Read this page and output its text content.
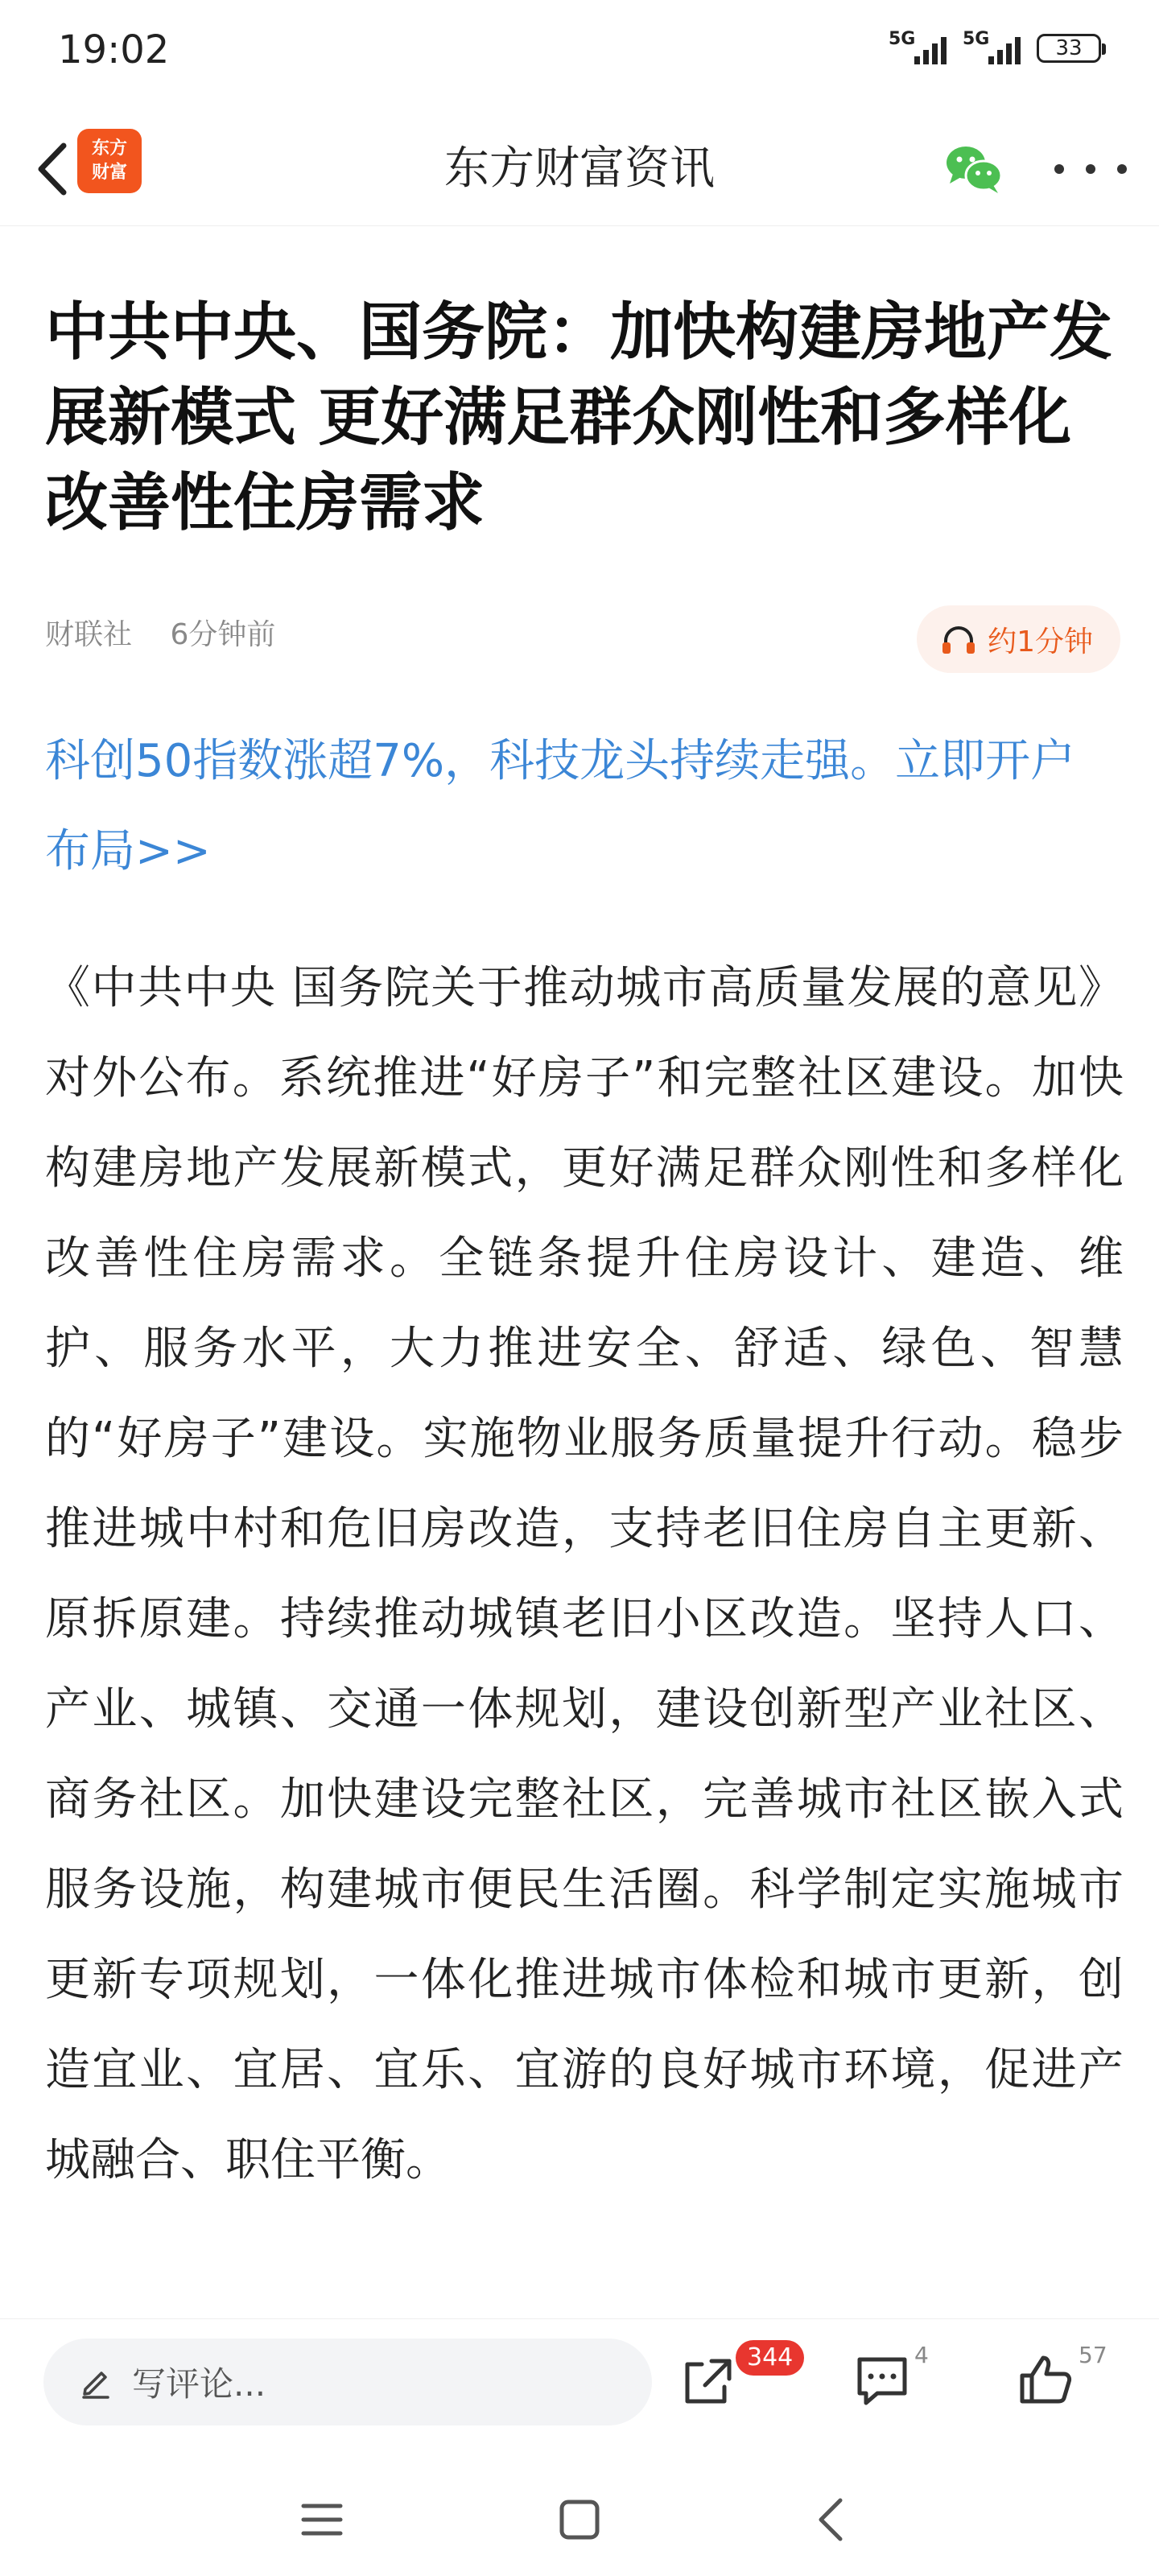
19:02	5G	5G	33
东方财富资讯
东方
财富
中共中央、国务院：加快构建房地产发展新模式 更好满足群众刚性和多样化改善性住房需求
财联社 6分钟前	约1分钟
科创50指数涨超7%，科技龙头持续走强。立即开户布局>>

《中共中央 国务院关于推动城市高质量发展的意见》对外公布。系统推进“好房子”和完整社区建设。加快构建房地产发展新模式，更好满足群众刚性和多样化改善性住房需求。全链条提升住房设计、建造、维护、服务水平，大力推进安全、舒适、绿色、智慧的“好房子”建设。实施物业服务质量提升行动。稳步推进城中村和危旧房改造，支持老旧住房自主更新、原拆原建。持续推动城镇老旧小区改造。坚持人口、产业、城镇、交通一体规划，建设创新型产业社区、商务社区。加快建设完整社区，完善城市社区嵌入式服务设施，构建城市便民生活圈。科学制定实施城市更新专项规划，一体化推进城市体检和城市更新，创造宜业、宜居、宜乐、宜游的良好城市环境，促进产城融合、职住平衡。

写评论...
344	4	57
